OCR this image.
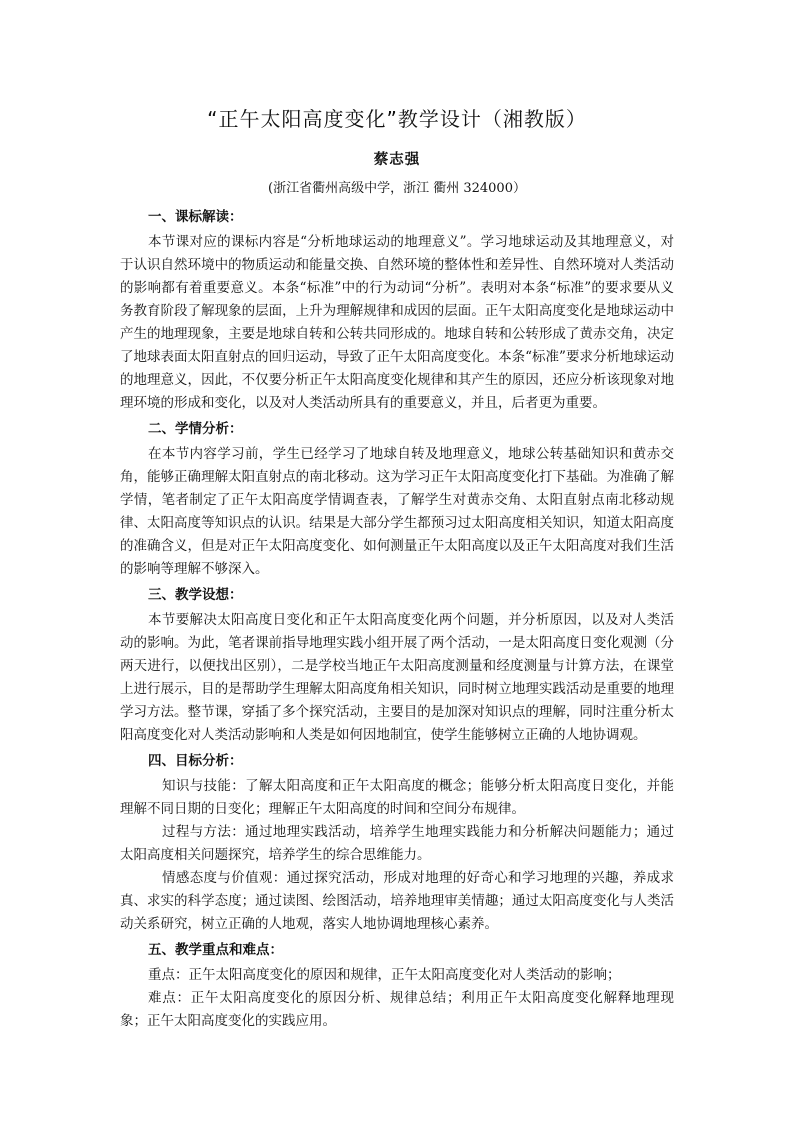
“正午太阳高度变化”教学设计（湘教版）
蔡志强
(浙江省衢州高级中学，浙江 衢州 324000）
一、课标解读：

本节课对应的课标内容是“分析地球运动的地理意义”。学习地球运动及其地理意义，对于认识自然环境中的物质运动和能量交换、自然环境的整体性和差异性、自然环境对人类活动的影响都有着重要意义。本条“标准”中的行为动词“分析”。表明对本条“标准”的要求要从义务教育阶段了解现象的层面，上升为理解规律和成因的层面。正午太阳高度变化是地球运动中产生的地理现象，主要是地球自转和公转共同形成的。地球自转和公转形成了黄赤交角，决定了地球表面太阳直射点的回归运动，导致了正午太阳高度变化。本条“标准”要求分析地球运动的地理意义，因此，不仅要分析正午太阳高度变化规律和其产生的原因，还应分析该现象对地理环境的形成和变化，以及对人类活动所具有的重要意义，并且，后者更为重要。

二、学情分析：

在本节内容学习前，学生已经学习了地球自转及地理意义，地球公转基础知识和黄赤交角，能够正确理解太阳直射点的南北移动。这为学习正午太阳高度变化打下基础。为准确了解学情，笔者制定了正午太阳高度学情调查表，了解学生对黄赤交角、太阳直射点南北移动规律、太阳高度等知识点的认识。结果是大部分学生都预习过太阳高度相关知识，知道太阳高度的准确含义，但是对正午太阳高度变化、如何测量正午太阳高度以及正午太阳高度对我们生活的影响等理解不够深入。

三、教学设想：

本节要解决太阳高度日变化和正午太阳高度变化两个问题，并分析原因，以及对人类活动的影响。为此，笔者课前指导地理实践小组开展了两个活动，一是太阳高度日变化观测（分两天进行，以便找出区别），二是学校当地正午太阳高度测量和经度测量与计算方法，在课堂上进行展示，目的是帮助学生理解太阳高度角相关知识，同时树立地理实践活动是重要的地理学习方法。整节课，穿插了多个探究活动，主要目的是加深对知识点的理解，同时注重分析太阳高度变化对人类活动影响和人类是如何因地制宜，使学生能够树立正确的人地协调观。

四、目标分析：

知识与技能：了解太阳高度和正午太阳高度的概念；能够分析太阳高度日变化，并能理解不同日期的日变化；理解正午太阳高度的时间和空间分布规律。

过程与方法：通过地理实践活动，培养学生地理实践能力和分析解决问题能力；通过太阳高度相关问题探究，培养学生的综合思维能力。

情感态度与价值观：通过探究活动，形成对地理的好奇心和学习地理的兴趣，养成求真、求实的科学态度；通过读图、绘图活动，培养地理审美情趣；通过太阳高度变化与人类活动关系研究，树立正确的人地观，落实人地协调地理核心素养。

五、教学重点和难点：

重点：正午太阳高度变化的原因和规律，正午太阳高度变化对人类活动的影响；

难点：正午太阳高度变化的原因分析、规律总结；利用正午太阳高度变化解释地理现象；正午太阳高度变化的实践应用。
